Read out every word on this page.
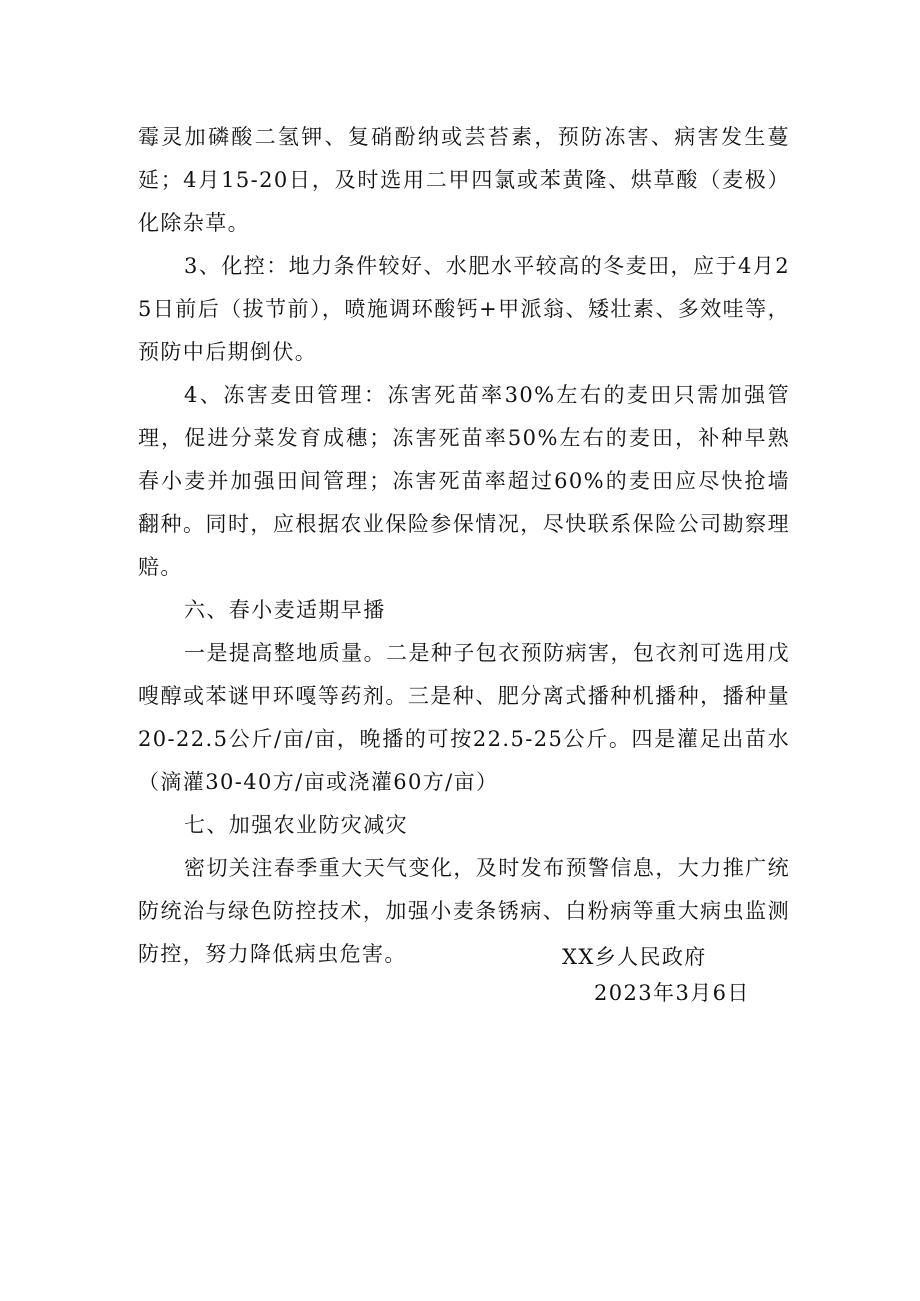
霉灵加磷酸二氢钾、复硝酚纳或芸苔素，预防冻害、病害发生蔓延；4月15-20日，及时选用二甲四氯或苯黄隆、烘草酸（麦极）化除杂草。

3、化控：地力条件较好、水肥水平较高的冬麦田，应于4月25日前后（拔节前），喷施调环酸钙+甲派翁、矮壮素、多效哇等，预防中后期倒伏。

4、冻害麦田管理：冻害死苗率30%左右的麦田只需加强管理，促进分菜发育成穗；冻害死苗率50%左右的麦田，补种早熟春小麦并加强田间管理；冻害死苗率超过60%的麦田应尽快抢墙翻种。同时，应根据农业保险参保情况，尽快联系保险公司勘察理赔。

六、春小麦适期早播

一是提高整地质量。二是种子包衣预防病害，包衣剂可选用戊嗖醇或苯谜甲环嘎等药剂。三是种、肥分离式播种机播种，播种量20-22.5公斤/亩/亩，晚播的可按22.5-25公斤。四是灌足出苗水（滴灌30-40方/亩或浇灌60方/亩）

七、加强农业防灾减灾

密切关注春季重大天气变化，及时发布预警信息，大力推广统防统治与绿色防控技术，加强小麦条锈病、白粉病等重大病虫监测防控，努力降低病虫危害。	XX乡人民政府

2023年3月6日
